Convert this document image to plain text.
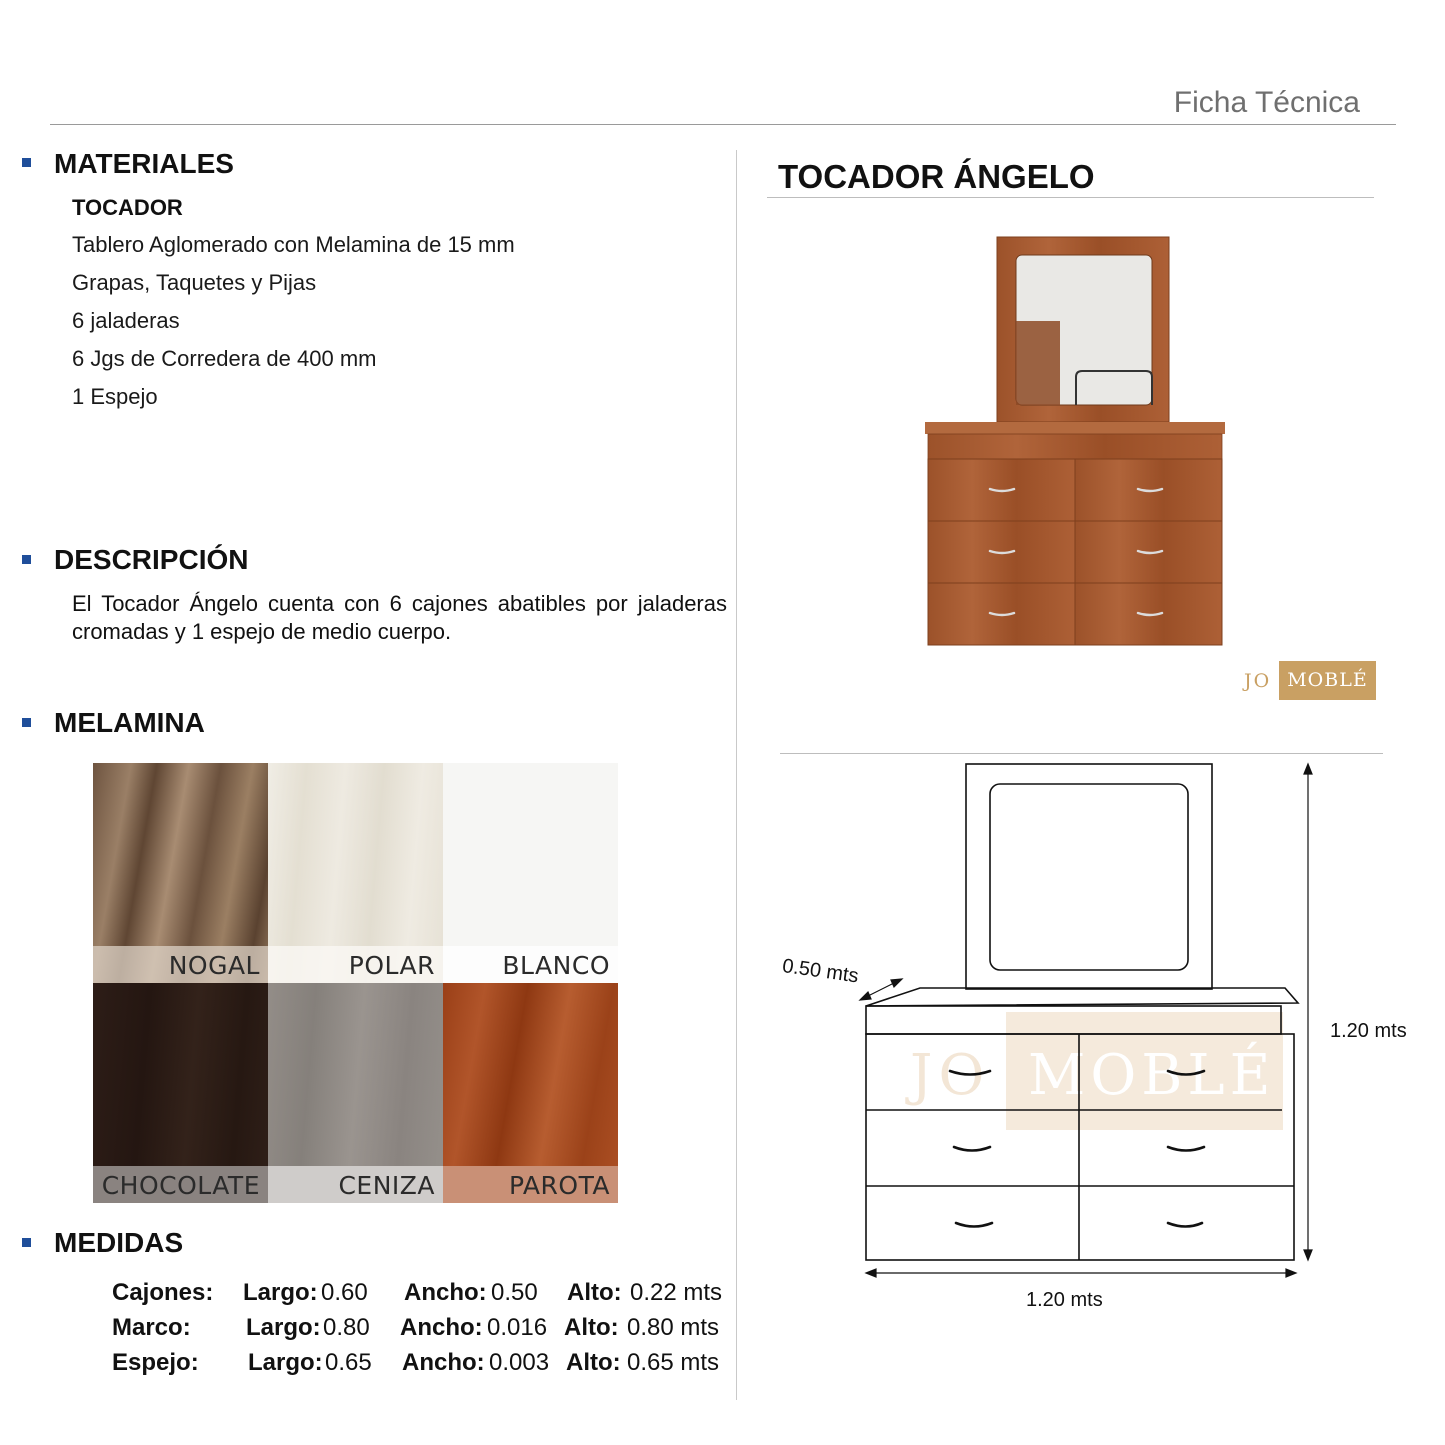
Ficha Técnica
MATERIALES
TOCADOR
Tablero Aglomerado con Melamina de 15 mm
Grapas, Taquetes y Pijas
6 jaladeras
6 Jgs de Corredera de 400 mm
1 Espejo
DESCRIPCIÓN
El Tocador Ángelo cuenta con 6 cajones abatibles por jaladeras cromadas y 1 espejo de medio cuerpo.
MELAMINA
NOGAL	POLAR	BLANCO
CHOCOLATE	CENIZA	PAROTA
MEDIDAS
Cajones: Largo: 0.60 Ancho: 0.50 Alto: 0.22 mts
Marco: Largo: 0.80 Ancho: 0.016 Alto: 0.80 mts
Espejo: Largo: 0.65 Ancho: 0.003 Alto: 0.65 mts
TOCADOR ÁNGELO
JO MOBLÉ
JO MOBLÉ
0.50 mts
1.20 mts
1.20 mts
